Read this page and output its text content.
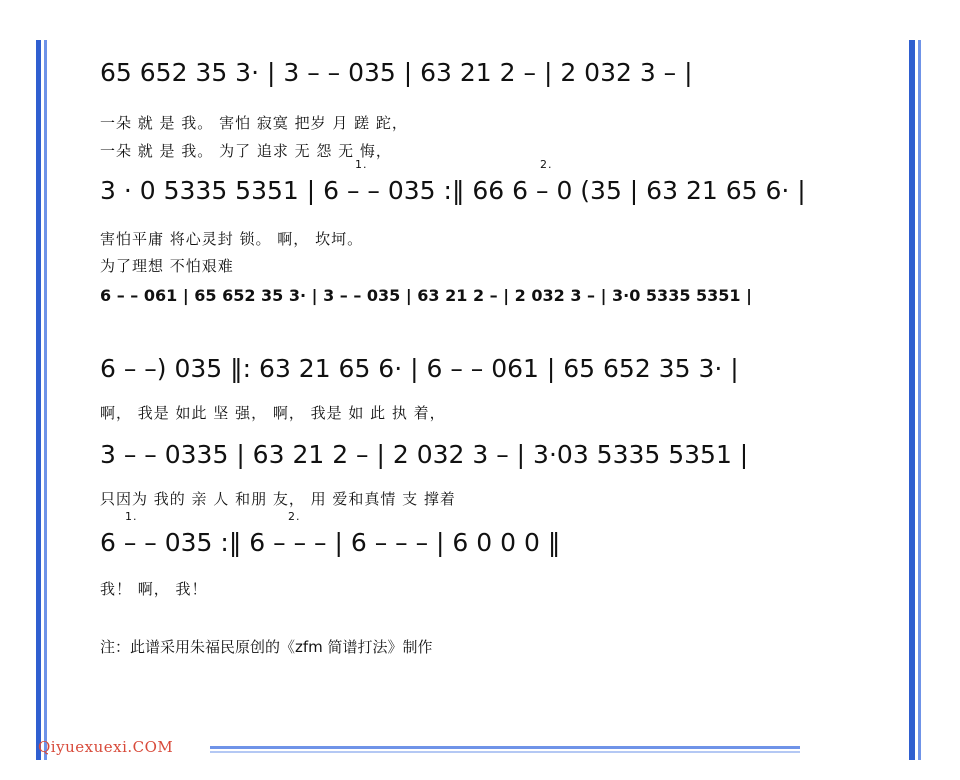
65 652 35 3· | 3 – – 035 | 63 21 2 – | 2 032 3 – |
一朵 就 是 我。 害怕 寂寞 把岁 月 蹉 跎，
一朵 就 是 我。 为了 追求 无 怨 无 悔，
1.	2.
3 · 0 5335 5351 | 6 – – 035 :‖ 66 6 – 0 (35 | 63 21 65 6· |
害怕平庸 将心灵封 锁。 啊， 坎坷。
为了理想 不怕艰难
6 – – 061 | 65 652 35 3· | 3 – – 035 | 63 21 2 – | 2 032 3 – | 3·0 5335 5351 |
6 – –) 035 ‖: 63 21 65 6· | 6 – – 061 | 65 652 35 3· |
啊， 我是 如此 坚 强， 啊， 我是 如 此 执 着，
3 – – 0335 | 63 21 2 – | 2 032 3 – | 3·03 5335 5351 |
只因为 我的 亲 人 和朋 友， 用 爱和真情 支 撑着
1.	2.
6 – – 035 :‖ 6 – – – | 6 – – – | 6 0 0 0 ‖
我！ 啊， 我！
注：此谱采用朱福民原创的《zfm 简谱打法》制作
Qiyuexuexi.COM
